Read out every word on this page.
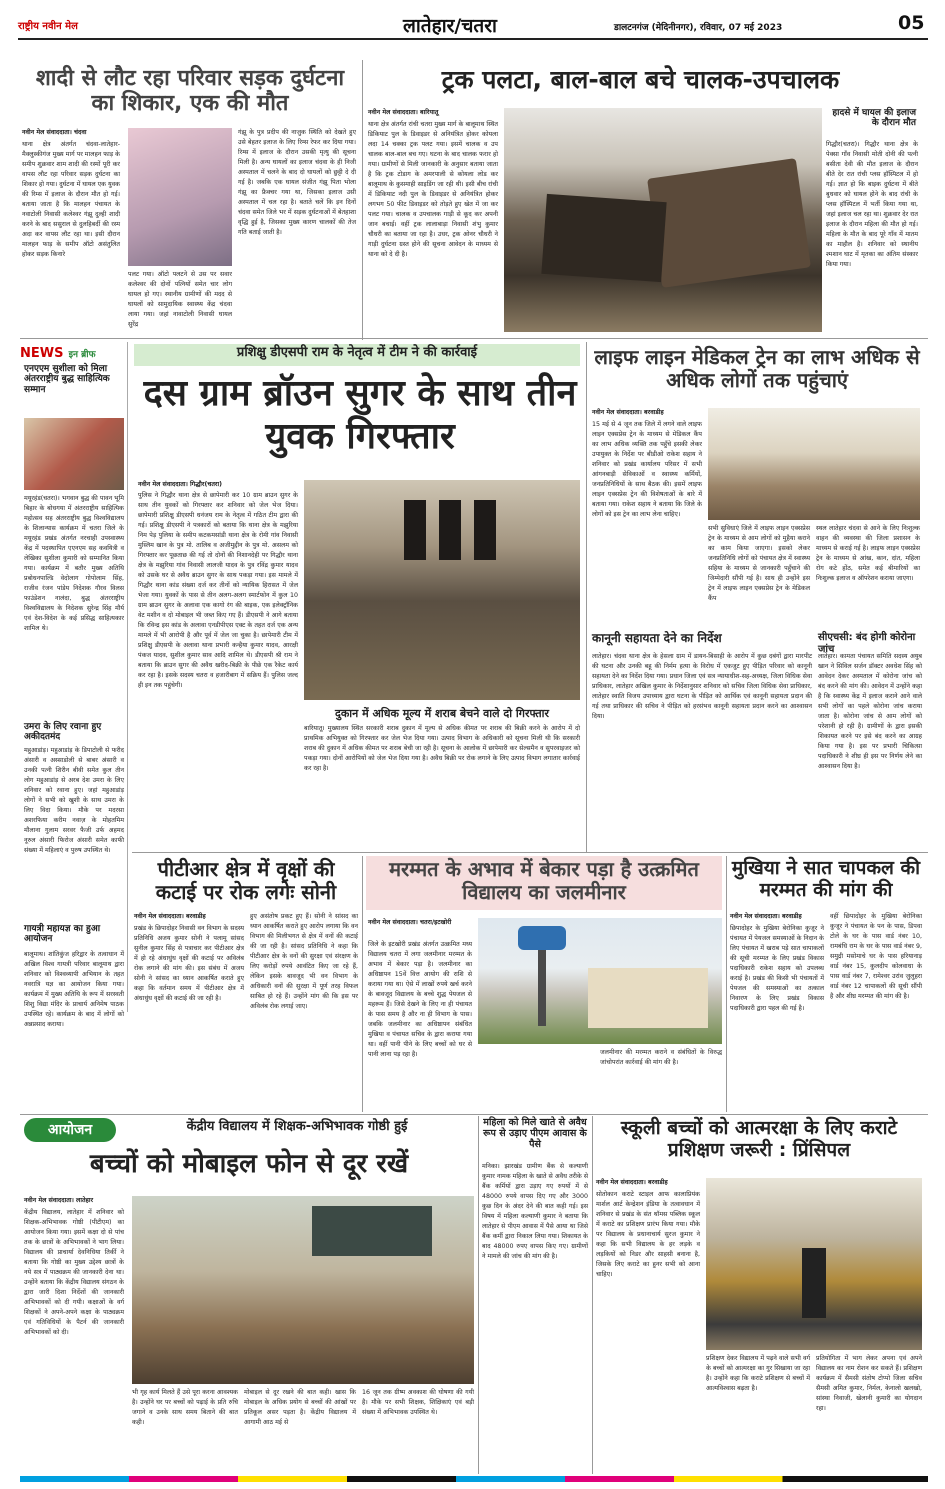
राष्ट्रीय नवीन मेल	लातेहार/चतरा	डालटनगंज (मेदिनीनगर), रविवार, 07 मई 2023	05
शादी से लौट रहा परिवार सड़क दुर्घटना का शिकार, एक की मौत
नवीन मेल संवाददाता। चंदवा
थाना क्षेत्र अंतर्गत चंदवा-लातेहार-मैक्लुस्कीगंज मुख्य मार्ग पर मालहन फाड़ के समीप शुक्रवार शाम शादी की रस्मों पूरी कर वापस लौट रहा परिवार सड़क दुर्घटना का शिकार हो गया। दुर्घटना में घायल एक युवक की रिम्स में इलाज के दौरान मौत हो गई। बताया जाता है कि मालहन पंचायत के नवाटोली निवासी कलेश्वर गंझू दुल्ही शादी करने के बाद ससुराल से दुलहिबर्दी की रस्म अदा कर वापस लौट रहा था। इसी दौरान मालहन फाड़ के समीप ऑटो असंतुलित होकर सड़क किनारे
पलट गया। ऑटो पलटने से उस पर सवार कलेश्वर की दोनों पत्नियों समेत चार लोग घायल हो गए। स्थानीय ग्रामीणों की मदद से घायलों को सामुदायिक स्वास्थ्य केंद्र चंदवा लाया गया। जहां नावाटोली निवासी घायल सुरेंद्र
गंझू के पुत्र प्रदीप की नाजुक स्थिति को देखते हुए उसे बेहतर इलाज के लिए रिम्स रेफर कर दिया गया। रिम्स में इलाज के दौरान उसकी मृत्यु की सूचना मिली है। अन्य घायलों का इलाज चंदवा के ही निजी अस्पताल में चलने के बाद दो घायलों को छुट्टी दे दी गई है। जबकि एक घायल संजीत गंझू पिता भोला गंझू का फ्रैक्चर गया था, जिसका इलाज उसी अस्पताल में चल रहा है। बताते चलें कि इन दिनों चंदवा समेत जिले भर में सड़क दुर्घटनाओं में बेतहाशा वृद्धि हुई है, जिसका मुख्य कारण चालकों की तेज गति बताई जाती है।
ट्रक पलटा, बाल-बाल बचे चालक-उपचालक
नवीन मेल संवाददाता। बारियातू
थाना क्षेत्र अंतर्गत रांची चतरा मुख्य मार्ग के बालूमाथ स्थित डिकियाट पुल के डिवाइडर से अनियंत्रित होकर कोयला लदा 14 चक्का ट्रक पलट गया। इसमें चालक व उप चालक बाल-बाल बच गए। घटना के बाद चालक फरार हो गया। ग्रामीणों से मिली जानकारी के अनुसार बताया जाता है कि ट्रक टोडाग के अमरपाली से कोयला लोड कर बालूमाथ के कुसमाही साइडिंग जा रही थी। इसी बीच रांची में डिकियाट नदी पुल के डिवाइडर से अनियंत्रित होकर लगभग 50 फीट डिवाइडर को तोड़ते हुए खेत में जा कर पलट गया। चालक व उपचालक गाड़ी से कूद कर अपनी जान बचाई। वहीं ट्रक लालाबाड़ा निवासी शंभु कुमार चौधरी का बताया जा रहा है। उधर, ट्रक ओनर चौधरी ने गाड़ी दुर्घटना ग्रस्त होने की सूचना आवेदन के माध्यम से थाना को दे दी है।
हादसे में घायल की इलाज के दौरान मौत
गिद्धौर(चतरा)। गिद्धौर थाना क्षेत्र के पेक्सा गाँव निवासी मोती दोनी की पत्नी बसीता देवी की मौत इलाज के दौरान बीते देर रात रांची प्लस हॉस्पिटल में हो गई। ज्ञात हो कि बाइक दुर्घटना में बीते बुधवार को घायल होने के बाद रांची के प्लस हॉस्पिटल में भर्ती किया गया था, जहां इलाज चल रहा था। शुक्रवार देर रात इलाज के दौरान महिला की मौत हो गई। महिला के मौत के बाद पूरे गाँव में मातम का माहौल है। शनिवार को स्थानीय श्मशान घाट में मृतका का अंतिम संस्कार किया गया।
NEWS इन ब्रीफ
एनएएम सुशीला को मिला अंतरराष्ट्रीय बुद्ध साहित्यिक सम्मान
मयूरहंड(चतरा)। भगवान बुद्ध की पावन भूमि बिहार के बोधगया में अंतरराष्ट्रीय साहित्यिक महोत्सव सह अंतरराष्ट्रीय बुद्ध विश्वविद्यालय के शिलान्यास कार्यक्रम में चतरा जिले के मयूरहंड प्रखंड अंतर्गत नरचाही उपस्वास्थ्य केंद्र में पदस्थापित एएनएम सह कवयित्री व लेखिका सुशीला कुमारी को सम्मानित किया गया। कार्यक्रम में बतौर मुख्य अतिथि प्रबोधनपाल्डि वेदोलाग गोपोलाम सिंह, राजीव रंजन पांडेय निदेशक गौरव विलस फाउंडेशन नालंदा, बुद्ध अंतरराष्ट्रीय विश्वविद्यालय के निदेशक सुरेन्द्र सिंह मौर्य एवं देश-विदेश के कई प्रसिद्ध साहित्यकार शामिल थे।
उमरा के लिए रवाना हुए अकीदतमंद
महुआडांड़। महुआडांड़ के डिपाटोली से फरीद अंसारी व अस्साडोली से बाबर अंसारी व उनकी पत्नी शिरीन बीवी समेत कुल तीन लोग महुआडांड़ से अरब देश उमरा के लिए शनिवार को रवाना हुए। जहां महुआडांड़ लोगों ने सभी को खुशी के साथ उमरा के लिए विदा किया। मौके पर मदरसा अशरफिया करीम नवाज़ के मोहतमिम मौलाना गुलाम सरवर फैजी उर्फ अहमद नूरुल अंसारी फिरोज अंसारी समेत काफी संख्या में महिलाएं व पुरुष उपस्थित थे।
गायत्री महायज्ञ का हुआ आयोजन
बालूमाथ। शांतिकुंज हरिद्वार के तत्वाधान में अखिल विश्व गायत्री परिवार बालूमाथ द्वारा शनिवार को विश्वव्यापी अभियान के तहत नवरात्रि यज्ञ का आयोजन किया गया। कार्यक्रम में मुख्य अतिथि के रूप में सरस्वती शिशु विद्या मंदिर के प्राचार्य अनिमेष पाठक उपस्थित रहे। कार्यक्रम के बाद में लोगों को अन्नप्रसाद कराया।
प्रशिक्षु डीएसपी राम के नेतृत्व में टीम ने की कार्रवाई
दस ग्राम ब्रॉउन सुगर के साथ तीन युवक गिरफ्तार
नवीन मेल संवाददाता। गिद्धौर(चतरा)
पुलिस ने गिद्धौर थाना क्षेत्र से छापेमारी कर 10 ग्राम ब्राउन सुगर के साथ तीन युवकों को गिरफ्तार कर शनिवार को जेल भेज दिया। छापेमारी प्रशिक्षु डीएसपी धनंजय राम के नेतृत्व में गठित टीम द्वारा की गई। प्रशिक्षु डीएसपी ने पत्रकारों को बताया कि थाना क्षेत्र के मझुरिया निम पेड़ पुलिया के समीप कटकमसांडी थाना क्षेत्र के रोमी गांव निवासी मुस्लिम खान के पुत्र मो. तालिब व अजीमुद्दीन के पुत्र मो. असलम को गिरफ्तार कर पूछताछ की गई तो दोनों की निशानदेही पर गिद्धौर थाना क्षेत्र के मझुरिया गांव निवासी लालजी यादव के पुत्र रविंद्र कुमार यादव को उसके घर से अवैध ब्राउन सुगर के साथ पकड़ा गया। इस मामले में गिद्धौर थाना कांड संख्या दर्ज कर तीनों को न्यायिक हिरासत में जेल भेजा गया। युवकों के पास से तीन अलग-अलग स्मार्टफोन में कुल 10 ग्राम ब्राउन सुगर के अलावा एक कागो रंग की बाइक, एक इलेक्ट्रॉनिक वेट मशीन व दो मोबाइल भी जब्त किए गए हैं। डीएसपी ने आगे बताया कि रविन्द्र इस कांड के अलावा एनडीपीएस एक्ट के तहत दर्ज एक अन्य मामले में भी आरोपी है और पूर्व में जेल जा चुका है। छापेमारी टीम में प्रशिक्षु डीएसपी के अलावा थाना प्रभारी कन्हैया कुमार यादव, आरक्षी पंकज यादव, सुशील कुमार साव आदि शामिल थे। डीएसपी श्री राम ने बताया कि ब्राउन सुगर की अवैध खरीद-बिक्री के पीछे एक रैकेट कार्य कर रहा है। इसके सदस्य चतरा व हजारीबाग में सक्रिय हैं। पुलिस जल्द ही इन तक पहुंचेगी।
दुकान में अधिक मूल्य में शराब बेचने वाले दो गिरफ्तार
बारियातू। मुख्यालय स्थित सरकारी शराब दुकान में मूल्य से अधिक कीमत पर शराब की बिक्री करने के आरोप में दो प्राथमिक अभियुक्त को गिरफ्तार कर जेल भेज दिया गया। उत्पाद विभाग के अधिकारी को सूचना मिली थी कि सरकारी शराब की दुकान में अधिक कीमत पर शराब बेची जा रही है। सूचना के आलोक में छापेमारी कर सेल्समैन व सुपरवाइजर को पकड़ा गया। दोनों आरोपियों को जेल भेज दिया गया है। अवैध बिक्री पर रोक लगाने के लिए उत्पाद विभाग लगातार कार्रवाई कर रहा है।
लाइफ लाइन मेडिकल ट्रेन का लाभ अधिक से अधिक लोगों तक पहुंचाएं
नवीन मेल संवाददाता। बरवाडीह
15 मई से 4 जून तक जिले में लगने वाले लाइफ लाइन एक्सप्रेस ट्रेन के माध्यम से मेडिकल कैंप का लाभ अधिक व्यक्ति तक पहुँचे इसकी लेकर उपायुक्त के निर्देश पर बीडीओ राकेश सहाय ने शनिवार को प्रखंड कार्यालय परिसर में सभी आंगनबाड़ी सेविकाओं व स्वास्थ्य कर्मियों, जनप्रतिनिधियों के साथ बैठक की। इसमें लाइफ लाइन एक्सप्रेस ट्रेन की विशेषताओं के बारे में बताया गया। राकेश सहाय ने बताया कि जिले के लोगों को इस ट्रेन का लाभ लेना चाहिए।
सभी सुविधाएं जिले में लाइफ लाइन एक्सप्रेस ट्रेन के माध्यम से आम लोगों को मुहैया कराने का काम किया जाएगा। इसको लेकर जनप्रतिनिधि लोगों को पंचायत क्षेत्र में स्वास्थ्य सहिया के माध्यम से जानकारी पहुँचाने की जिम्मेदारी सौंपी गई है। साथ ही उन्होंने इस ट्रेन में लाइफ लाइन एक्सप्रेस ट्रेन के मेडिकल कैंप
स्थल लातेहार चंदवा से आने के लिए निःशुल्क वाहन की व्यवस्था की जिला प्रशासन के माध्यम से कराई गई है। लाइफ लाइन एक्सप्रेस ट्रेन के माध्यम से आंख, कान, दांत, महिला रोग कटे होंठ, समेत कई बीमारियों का निःशुल्क इलाज व ऑपरेशन कराया जाएगा।
कानूनी सहायता देने का निर्देश
लातेहार। चंदवा थाना क्षेत्र के हेसला ग्राम में डायन-बिसाही के आरोप में कुछ दबंगों द्वारा मारपीट की घटना और उनकी बहू की निर्मम हत्या के विरोध में एकजुट हुए पीड़ित परिवार को कानूनी सहायता देने का निर्देश दिया गया। प्रधान जिला एवं सत्र न्यायाधीश-सह-अध्यक्ष, जिला विधिक सेवा प्राधिकार, लातेहार अखिल कुमार के निर्देशानुसार शनिवार को सचिव जिला विधिक सेवा प्राधिकार, लातेहार स्वाति विजय उपाध्याय द्वारा घटना के पीड़ित को आर्थिक एवं कानूनी सहायता प्रदान की गई तथा प्राधिकार की सचिव ने पीड़ित को हरसंभव कानूनी सहायता प्रदान करने का आश्वासन दिया।
सीएचसी: बंद होगी कोरोना जांच
लातेहार। कामता पंचायत समिति सदस्य अयुब खान ने सिविल सर्जन डॉक्टर अवधेश सिंह को आवेदन देकर अस्पताल में कोरोना जांच को बंद करने की मांग की। आवेदन में उन्होंने कहा है कि स्वास्थ्य केंद्र में इलाज कराने आने वाले सभी लोगों का पहले कोरोना जांच कराया जाता है। कोरोना जांच से आम लोगों को परेशानी हो रही है। ग्रामीणों के द्वारा इसकी शिकायत करने पर इसे बंद करने का आग्रह किया गया है। इस पर प्रभारी चिकित्सा पदाधिकारी ने शीघ्र ही इस पर निर्णय लेने का आश्वासन दिया है।
पीटीआर क्षेत्र में वृक्षों की कटाई पर रोक लगेः सोनी
नवीन मेल संवाददाता। बरवाडीह
प्रखंड के छिपादोहर निवासी वन विभाग के सदस्य प्रतिनिधि अजय कुमार सोनी ने पलामू सांसद सुनील कुमार सिंह से पत्राचार कर पीटीआर क्षेत्र में हो रहे अंधाधुंध वृक्षों की कटाई पर अविलंब रोक लगाने की मांग की। इस संबंध में अजय सोनी ने सांसद का ध्यान आकर्षित कराते हुए कहा कि वर्तमान समय में पीटीआर क्षेत्र में अंधाधुंध वृक्षों की कटाई की जा रही है।
हुए असंतोष प्रकट हुए हैं। सोनी ने सांसद का ध्यान आकर्षित कराते हुए आरोप लगाया कि वन विभाग की मिलीभगत से क्षेत्र में वनों की कटाई की जा रही है। सांसद प्रतिनिधि ने कहा कि पीटीआर क्षेत्र के वनों की सुरक्षा एवं संरक्षण के लिए करोड़ों रुपये आवंटित किए जा रहे हैं, लेकिन इसके बावजूद भी वन विभाग के अधिकारी वनों की सुरक्षा में पूर्ण तरह विफल साबित हो रहे हैं। उन्होंने मांग की कि इस पर अविलंब रोक लगाई जाए।
मरम्मत के अभाव में बेकार पड़ा है उत्क्रमित विद्यालय का जलमीनार
नवीन मेल संवाददाता। चतरा/इटखोरी
जिले के इटखोरी प्रखंड अंतर्गत उत्क्रमित मध्य विद्यालय चतरा में लगा जलमीनार मरम्मत के अभाव में बेकार पड़ा है। जलमीनार का अधिष्ठापन 15वें वित्त आयोग की राशि से कराया गया था। ऐसे में लाखों रुपये खर्च करने के बावजूद विद्यालय के बच्चे शुद्ध पेयजल से महरूम हैं। जिसे देखने के लिए ना ही पंचायत के पास समय है और ना ही विभाग के पास। जबकि जलमीनार का अधिष्ठापन संबंधित मुखिया व पंचायत सचिव के द्वारा कराया गया था। वहीं पानी पीने के लिए बच्चों को घर से पानी लाना पड़ रहा है।	जलमीनार की मरम्मत कराने व संबंधितों के विरुद्ध जांचोपरांत कार्रवाई की मांग की है।
मुखिया ने सात चापकल की मरम्मत की मांग की
नवीन मेल संवाददाता। बरवाडीह
छिपादोहर के मुखिया बेरोनिका कुजूर ने पंचायत में पेयजल समस्याओं के निदान के लिए पंचायत में खराब पड़े सात चापाकलों की सूची मरम्मत के लिए प्रखंड विकास पदाधिकारी राकेश सहाय को उपलब्ध कराई है। प्रखंड की किसी भी पंचायतों में पेयजल की समस्याओं का तत्काल निवारण के लिए प्रखंड विकास पदाधिकारी द्वारा पहल की गई है।
वहीं छिपादोहर के मुखिया बेरोनिका कुजूर ने पंचायत के पन के पास, डिपवा टोले के घर के पास वार्ड नंबर 10, रामबंधि राम के घर के पास वार्ड नंबर 9, समुद्री मसोमाचे घर के पास हरियानाड़ वार्ड नंबर 15, कुलदीप कोलवाधा के पास वार्ड नंबर 7, रामेश्वर उरांव जुलुहरा वार्ड नंबर 12 चापाकलों की सूची सौंपी है और शीघ्र मरम्मत की मांग की है।
आयोजन	केंद्रीय विद्यालय में शिक्षक-अभिभावक गोष्ठी हुई
बच्चों को मोबाइल फोन से दूर रखें
नवीन मेल संवाददाता। लातेहार
केंद्रीय विद्यालय, लातेहार में शनिवार को शिक्षक-अभिभावक गोष्ठी (पीटीएम) का आयोजन किया गया। इसमें कक्षा दो से पांच तक के छात्रों के अभिभावकों ने भाग लिया। विद्यालय की प्राचार्या देवनिधिया तिर्की ने बताया कि गोष्ठी का मुख्य उद्देश्य छात्रों के नये सत्र में पाठ्यक्रम की जानकारी देना था। उन्होंने बताया कि केंद्रीय विद्यालय संगठन के द्वारा जारी दिशा निर्देशों की जानकारी अभिभावकों को दी गयी। कक्षाओं के वर्ग शिक्षकों ने अपने-अपने कक्षा के पाठ्यक्रम एवं गतिविधियों के पैटर्न की जानकारी अभिभावकों को दी।
भी गृह कार्य मिलते हैं उसे पूरा करना आवश्यक है। उन्होंने घर पर बच्चों को पढ़ाई के प्रति रुचि जगाने व उनके साथ समय बिताने की बात कही।
मोबाइल से दूर रखने की बात कही। खास कि मोबाइल के अधिक प्रयोग से बच्चों की आंखों पर प्रतिकूल असर पड़ता है। केंद्रीय विद्यालय में आगामी आठ मई से
16 जून तक ग्रीष्म अवकाश की घोषणा की गयी है। मौके पर सभी शिक्षक, शिक्षिकाएं एवं बड़ी संख्या में अभिभावक उपस्थित थे।
महिला को मिले खाते से अवैध रूप से उड़ाए पीएम आवास के पैसे
मनिका। झारखंड ग्रामीण बैंक से कल्याणी कुमार नामक महिला के खाते से अवैध तरीके से बैंक कर्मियों द्वारा उड़ाए गए रुपयों में से 48000 रुपये वापस दिए गए और 3000 कुछ दिन के अंदर देने की बात कही गई। इस विषय में महिला कल्याणी कुमार ने बताया कि लातेहार से पीएम आवास में पैसे आया था जिसे बैंक कर्मी द्वारा निकाल लिया गया। शिकायत के बाद 48000 रुपए वापस किए गए। ग्रामीणों ने मामले की जांच की मांग की है।
स्कूली बच्चों को आत्मरक्षा के लिए कराटे प्रशिक्षण जरूरी : प्रिंसिपल
नवीन मेल संवाददाता। बरवाडीह
सोतोकान कराटे स्टाइल आफ कालाप्रियंक मार्शल आर्ट केन्द्रेशन इंडिया के तत्वावधान में शनिवार से प्रखंड के संत थॉमस पब्लिक स्कूल में कराटे का प्रशिक्षण प्रारंभ किया गया। मौके पर विद्यालय के प्रधानाचार्य सुरज कुमार ने कहा कि सभी विद्यालय के हर लड़के व लड़कियों को निडर और साहसी बनाना है, जिसके लिए कराटे का हुनर सभी को आना चाहिए।
प्रशिक्षण देकर विद्यालय में पढ़ने वाले सभी वर्ग के बच्चों को आत्मरक्षा का गुर सिखाया जा रहा है। उन्होंने कहा कि कराटे प्रशिक्षण से बच्चों में आत्मविश्वास बढ़ता है।
प्रतियोगिता में भाग लेकर अपना एवं अपने विद्यालय का नाम रोशन कर सकते हैं। प्रशिक्षण कार्यक्रम में सैमसी संतोष टोप्पो जिला सचिव सैमसी अमित कुमार, निर्मल, केनालो खलखो, सांस्था निवाजी, खेलानी कुमारी का योगदान रहा।
